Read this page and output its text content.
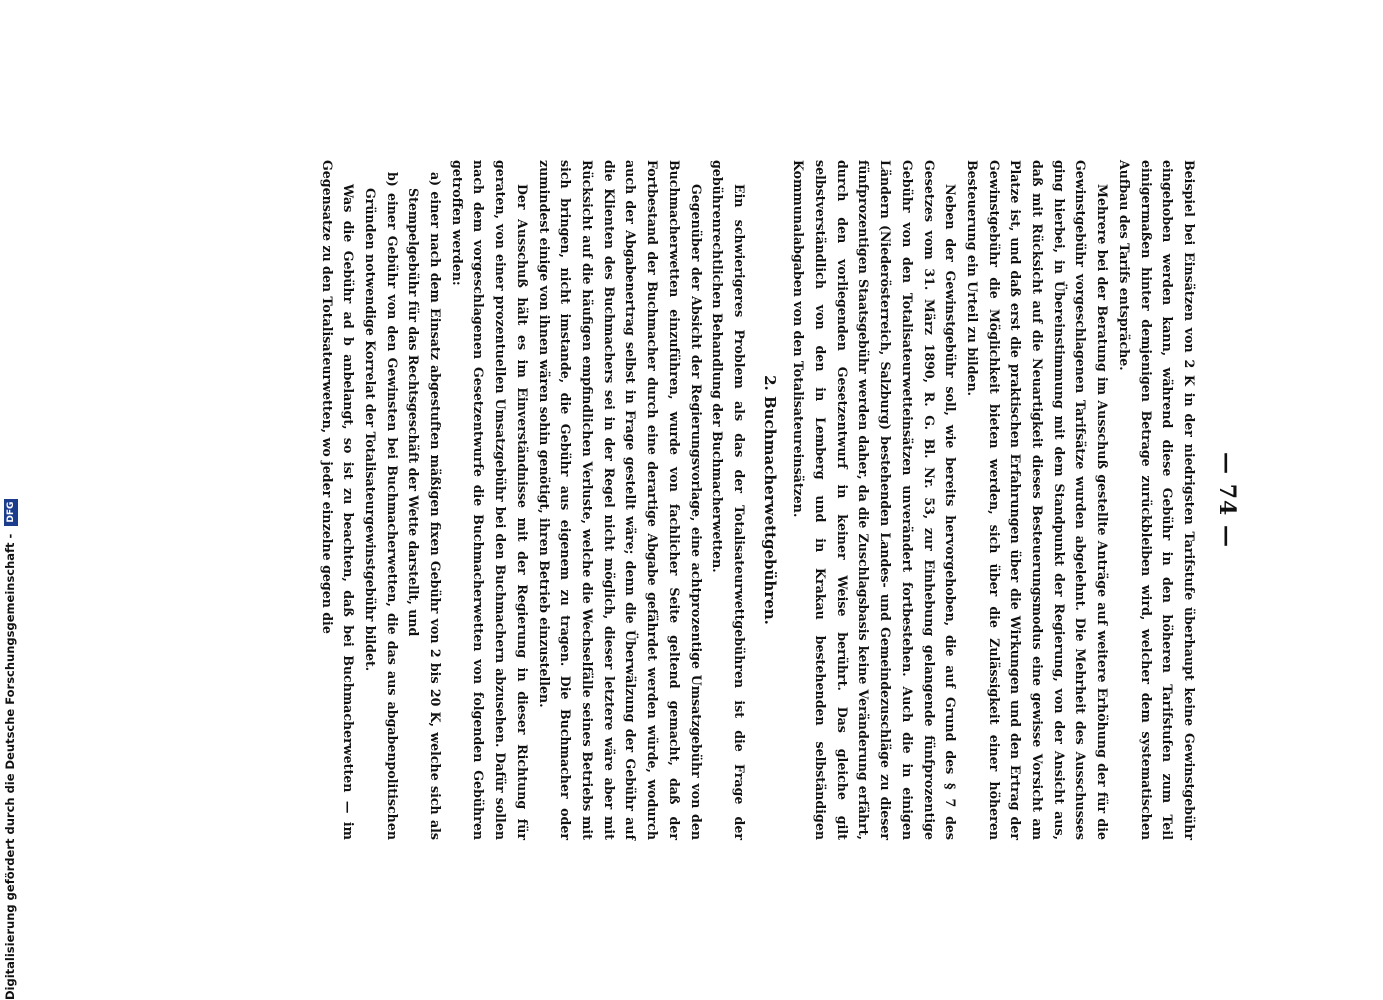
— 74 —

Beispiel bei Einsätzen von 2 K in der niedrigsten Tarifstufe überhaupt keine Gewinstgebühr eingehoben werden kann, während diese Gebühr in den höheren Tarifstufen zum Teil einigermaßen hinter demjenigen Betrage zurückbleiben wird, welcher dem systematischen Aufbau des Tarifs entspräche.

Mehrere bei der Beratung im Ausschuß gestellte Anträge auf weitere Erhöhung der für die Gewinstgebühr vorgeschlagenen Tarifsätze wurden abgelehnt. Die Mehrheit des Ausschusses ging hierbei, in Übereinstimmung mit dem Standpunkt der Regierung, von der Ansicht aus, daß mit Rücksicht auf die Neuartigkeit dieses Besteuerungsmodus eine gewisse Vorsicht am Platze ist, und daß erst die praktischen Erfahrungen über die Wirkungen und den Ertrag der Gewinstgebühr die Möglichkeit bieten werden, sich über die Zulässigkeit einer höheren Besteuerung ein Urteil zu bilden.

Neben der Gewinstgebühr soll, wie bereits hervorgehoben, die auf Grund des § 7 des Gesetzes vom 31. März 1890, R. G. Bl. Nr. 53, zur Einhebung gelangende fünfprozentige Gebühr von den Totalisateurwetteinsätzen unverändert fortbestehen. Auch die in einigen Ländern (Niederösterreich, Salzburg) bestehenden Landes- und Gemeindezuschläge zu dieser fünfprozentigen Staatsgebühr werden daher, da die Zuschlagsbasis keine Veränderung erfährt, durch den vorliegenden Gesetzentwurf in keiner Weise berührt. Das gleiche gilt selbstverständlich von den in Lemberg und in Krakau bestehenden selbständigen Kommunalabgaben von den Totalisateureinsätzen.

2. Buchmacherwettgebühren.

Ein schwierigeres Problem als das der Totalisateurwettgebühren ist die Frage der gebührenrechtlichen Behandlung der Buchmacherwetten.

Gegenüber der Absicht der Regierungsvorlage, eine achtprozentige Umsatzgebühr von den Buchmacherwetten einzuführen, wurde von fachlicher Seite geltend gemacht, daß der Fortbestand der Buchmacher durch eine derartige Abgabe gefährdet werden würde, wodurch auch der Abgabenertrag selbst in Frage gestellt wäre; denn die Überwälzung der Gebühr auf die Klienten des Buchmachers sei in der Regel nicht möglich, dieser letztere wäre aber mit Rücksicht auf die häufigen empfindlichen Verluste, welche die Wechselfälle seines Betriebs mit sich bringen, nicht imstande, die Gebühr aus eigenem zu tragen. Die Buchmacher oder zumindest einige von ihnen wären sohin genötigt, ihren Betrieb einzustellen.

Der Ausschuß hält es im Einverständnisse mit der Regierung in dieser Richtung für geraten, von einer prozentuellen Umsatzgebühr bei den Buchmachern abzusehen. Dafür sollen nach dem vorgeschlagenen Gesetzentwurfe die Buchmacherwetten von folgenden Gebühren getroffen werden:

a) einer nach dem Einsatz abgestuften mäßigen fixen Gebühr von 2 bis 20 K, welche sich als Stempelgebühr für das Rechtsgeschäft der Wette darstellt, und

b) einer Gebühr von den Gewinsten bei Buchmacherwetten, die das aus abgabenpolitischen Gründen notwendige Korrelat der Totalisateurgewinstgebühr bildet.

Was die Gebühr ad b anbelangt, so ist zu beachten, daß bei Buchmacherwetten — im Gegensatze zu den Totalisateurwetten, wo jeder einzelne gegen die

Digitalisierung gefördert durch die Deutsche Forschungsgemeinschaft - DFG
